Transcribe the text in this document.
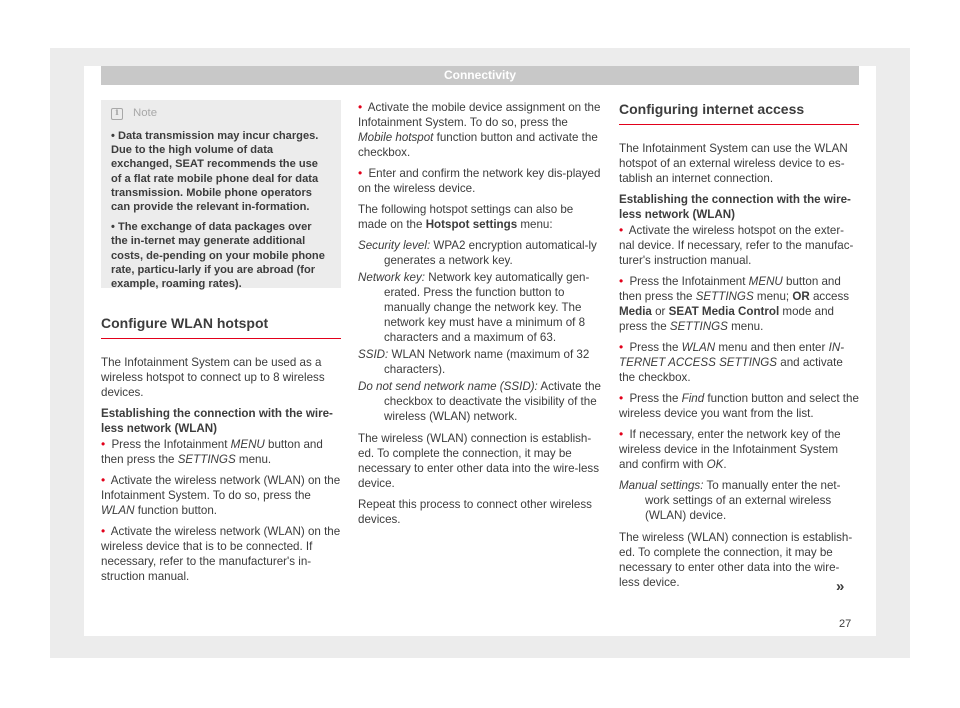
Connectivity
i	Note

• Data transmission may incur charges. Due to the high volume of data exchanged, SEAT recommends the use of a flat rate mobile phone deal for data transmission. Mobile phone operators can provide the relevant in-formation.

• The exchange of data packages over the in-ternet may generate additional costs, de-pending on your mobile phone rate, particu-larly if you are abroad (for example, roaming rates).

Configure WLAN hotspot

The Infotainment System can be used as a wireless hotspot to connect up to 8 wireless devices.

Establishing the connection with the wire-less network (WLAN)

• Press the Infotainment MENU button and then press the SETTINGS menu.

• Activate the wireless network (WLAN) on the Infotainment System. To do so, press the WLAN function button.

• Activate the wireless network (WLAN) on the wireless device that is to be connected. If necessary, refer to the manufacturer's in-struction manual.

• Activate the mobile device assignment on the Infotainment System. To do so, press the Mobile hotspot function button and activate the checkbox.

• Enter and confirm the network key dis-played on the wireless device.

The following hotspot settings can also be made on the Hotspot settings menu:

Security level: WPA2 encryption automatical-ly generates a network key.

Network key: Network key automatically gen-erated. Press the function button to manually change the network key. The network key must have a minimum of 8 characters and a maximum of 63.

SSID: WLAN Network name (maximum of 32 characters).

Do not send network name (SSID): Activate the checkbox to deactivate the visibility of the wireless (WLAN) network.

The wireless (WLAN) connection is establish-ed. To complete the connection, it may be necessary to enter other data into the wire-less device.

Repeat this process to connect other wireless devices.

Configuring internet access

The Infotainment System can use the WLAN hotspot of an external wireless device to es-tablish an internet connection.

Establishing the connection with the wire-less network (WLAN)

• Activate the wireless hotspot on the exter-nal device. If necessary, refer to the manufac-turer's instruction manual.

• Press the Infotainment MENU button and then press the SETTINGS menu; OR access Media or SEAT Media Control mode and press the SETTINGS menu.

• Press the WLAN menu and then enter IN-TERNET ACCESS SETTINGS and activate the checkbox.

• Press the Find function button and select the wireless device you want from the list.

• If necessary, enter the network key of the wireless device in the Infotainment System and confirm with OK.

Manual settings: To manually enter the net-work settings of an external wireless (WLAN) device.

The wireless (WLAN) connection is establish-ed. To complete the connection, it may be necessary to enter other data into the wire-less device.	»
27
